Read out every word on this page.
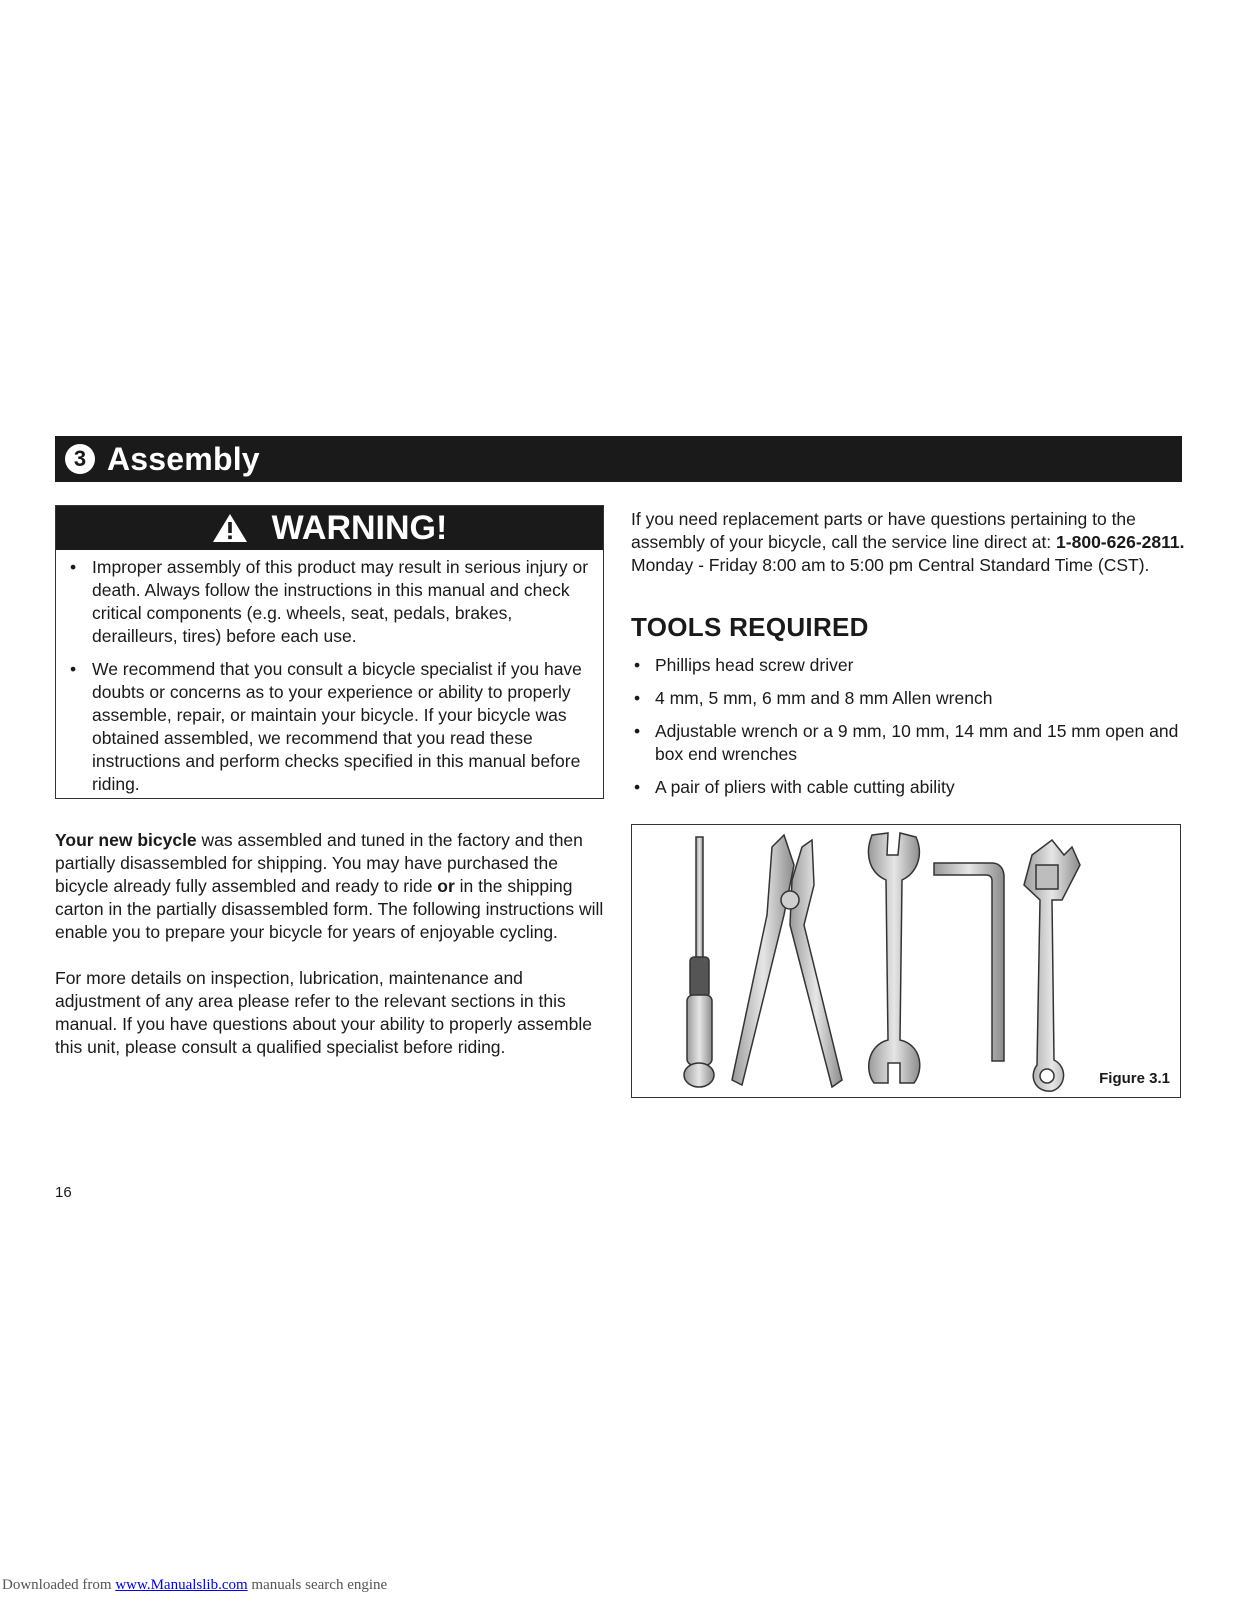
3 Assembly
WARNING!
• Improper assembly of this product may result in serious injury or death. Always follow the instructions in this manual and check critical components (e.g. wheels, seat, pedals, brakes, derailleurs, tires) before each use.
• We recommend that you consult a bicycle specialist if you have doubts or concerns as to your experience or ability to properly assemble, repair, or maintain your bicycle. If your bicycle was obtained assembled, we recommend that you read these instructions and perform checks specified in this manual before riding.

Your new bicycle was assembled and tuned in the factory and then partially disassembled for shipping. You may have purchased the bicycle already fully assembled and ready to ride or in the shipping carton in the partially disassembled form. The following instructions will enable you to prepare your bicycle for years of enjoyable cycling.

For more details on inspection, lubrication, maintenance and adjustment of any area please refer to the relevant sections in this manual. If you have questions about your ability to properly assemble this unit, please consult a qualified specialist before riding.

If you need replacement parts or have questions pertaining to the assembly of your bicycle, call the service line direct at: 1-800-626-2811. Monday - Friday 8:00 am to 5:00 pm Central Standard Time (CST).

TOOLS REQUIRED
• Phillips head screw driver
• 4 mm, 5 mm, 6 mm and 8 mm Allen wrench
• Adjustable wrench or a 9 mm, 10 mm, 14 mm and 15 mm open and box end wrenches
• A pair of pliers with cable cutting ability
Figure 3.1
16
Downloaded from www.Manualslib.com manuals search engine
